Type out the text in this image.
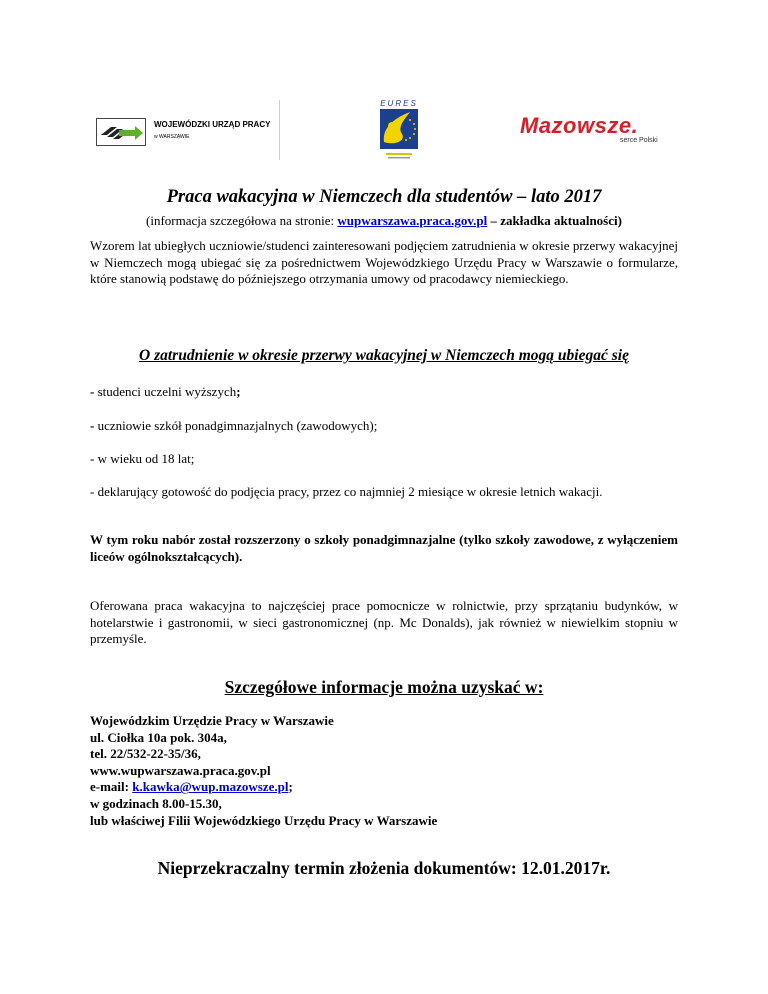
WOJEWÓDZKI URZĄD PRACY
w WARSZAWIE
EURES
Mazowsze.
serce Polski
Praca wakacyjna w Niemczech dla studentów – lato 2017
(informacja szczegółowa na stronie: wupwarszawa.praca.gov.pl – zakładka aktualności)
Wzorem lat ubiegłych uczniowie/studenci zainteresowani podjęciem zatrudnienia w okresie przerwy wakacyjnej w Niemczech mogą ubiegać się za pośrednictwem Wojewódzkiego Urzędu Pracy w Warszawie o formularze, które stanowią podstawę do późniejszego otrzymania umowy od pracodawcy niemieckiego.
O zatrudnienie w okresie przerwy wakacyjnej w Niemczech mogą ubiegać się
- studenci uczelni wyższych;
- uczniowie szkół ponadgimnazjalnych (zawodowych);
- w wieku od 18 lat;
- deklarujący gotowość do podjęcia pracy, przez co najmniej 2 miesiące w okresie letnich wakacji.
W tym roku nabór został rozszerzony o szkoły ponadgimnazjalne (tylko szkoły zawodowe, z wyłączeniem liceów ogólnokształcących).
Oferowana praca wakacyjna to najczęściej prace pomocnicze w rolnictwie, przy sprzątaniu budynków, w hotelarstwie i gastronomii, w sieci gastronomicznej (np. Mc Donalds), jak również w niewielkim stopniu w przemyśle.
Szczegółowe informacje można uzyskać w:
Wojewódzkim Urzędzie Pracy w Warszawie
ul. Ciołka 10a pok. 304a,
tel. 22/532-22-35/36,
www.wupwarszawa.praca.gov.pl
e-mail: k.kawka@wup.mazowsze.pl;
w godzinach 8.00-15.30,
lub właściwej Filii Wojewódzkiego Urzędu Pracy w Warszawie
Nieprzekraczalny termin złożenia dokumentów: 12.01.2017r.
